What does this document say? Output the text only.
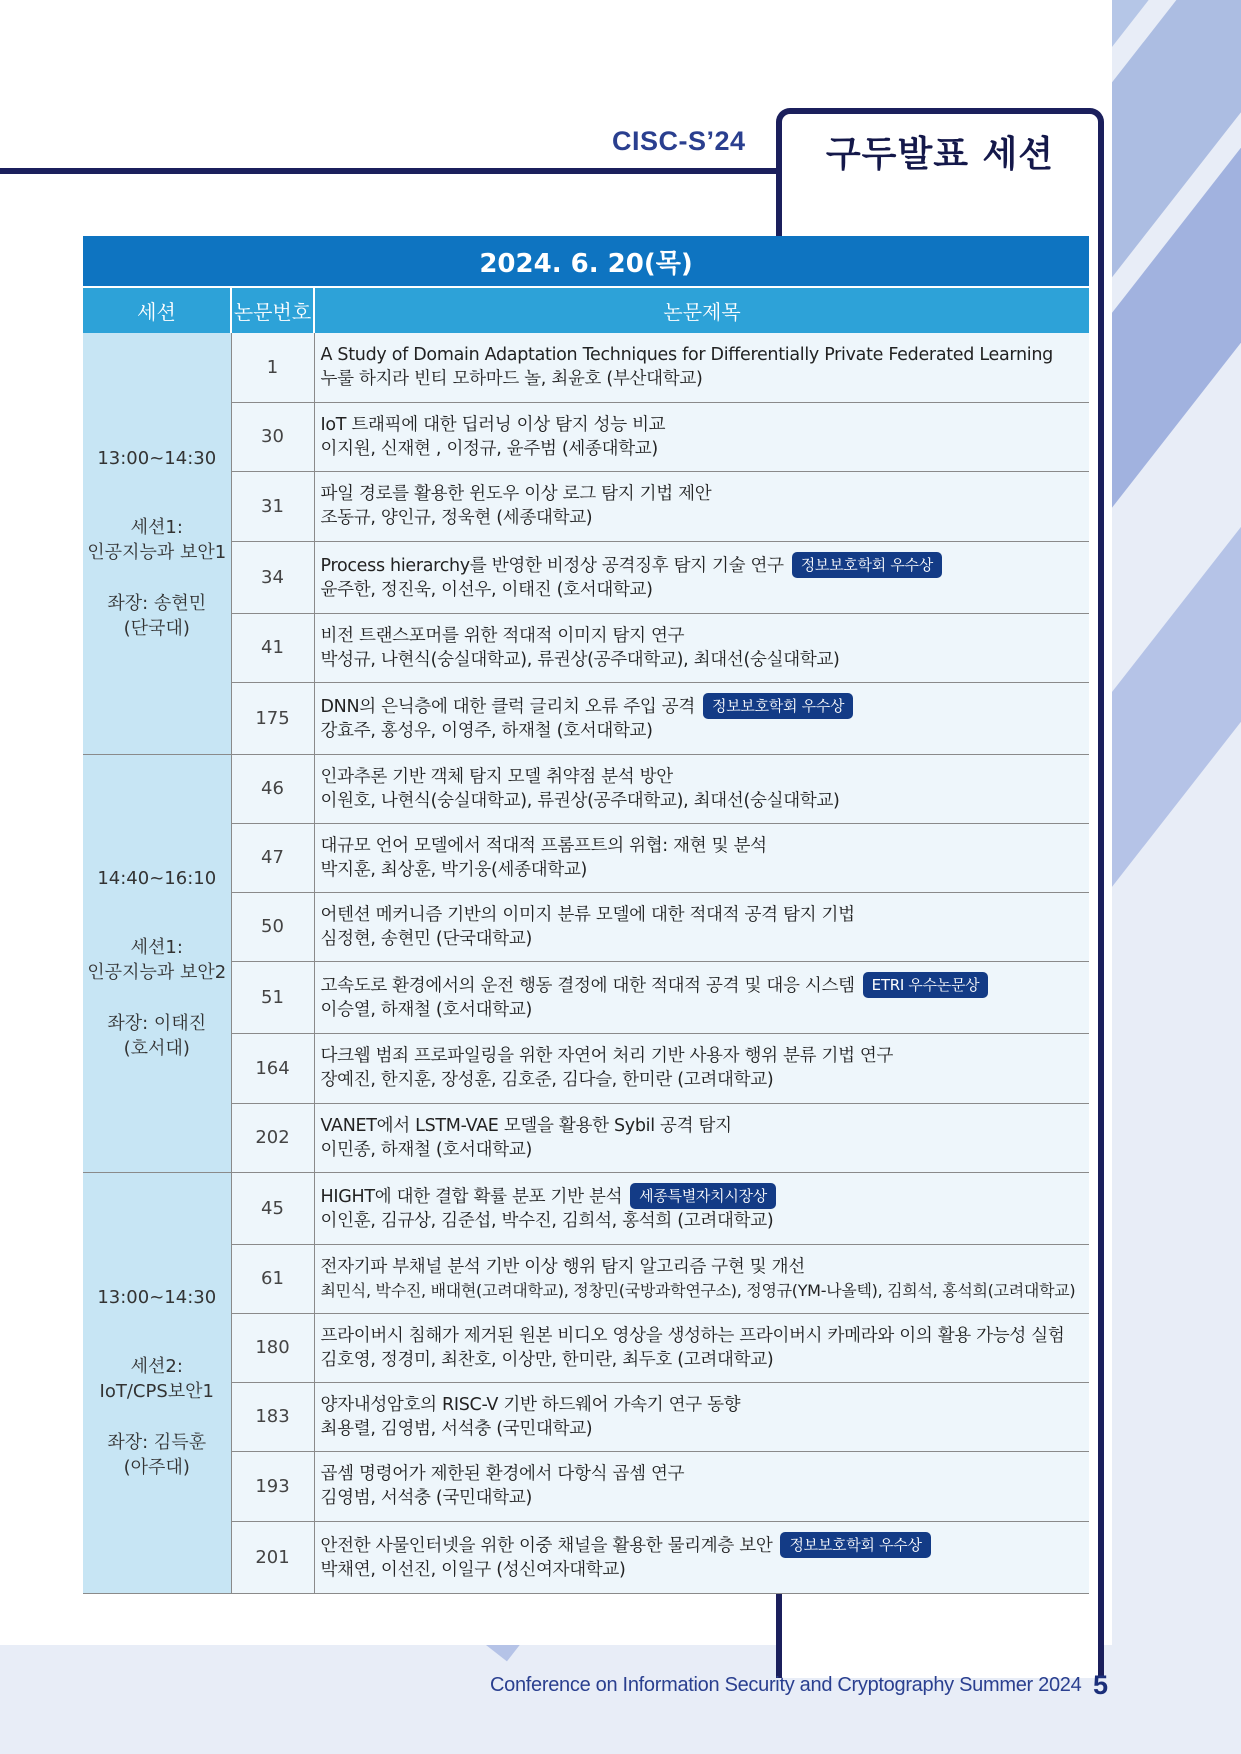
CISC-S’24	구두발표 세션
2024. 6. 20(목)		
세션	논문번호	논문제목

13:00~14:30
세션1:
인공지능과 보안1
좌장: 송현민
(단국대)	1	A Study of Domain Adaptation Techniques for Differentially Private Federated Learning
누룰 하지라 빈티 모하마드 놀, 최윤호 (부산대학교)

	30	IoT 트래픽에 대한 딥러닝 이상 탐지 성능 비교
이지원, 신재현 , 이정규, 윤주범 (세종대학교)

	31	파일 경로를 활용한 윈도우 이상 로그 탐지 기법 제안
조동규, 양인규, 정욱현 (세종대학교)

	34	Process hierarchy를 반영한 비정상 공격징후 탐지 기술 연구 정보보호학회 우수상
윤주한, 정진욱, 이선우, 이태진 (호서대학교)

	41	비전 트랜스포머를 위한 적대적 이미지 탐지 연구
박성규, 나현식(숭실대학교), 류권상(공주대학교), 최대선(숭실대학교)

	175	DNN의 은닉층에 대한 클럭 글리치 오류 주입 공격 정보보호학회 우수상
강효주, 홍성우, 이영주, 하재철 (호서대학교)

14:40~16:10
세션1:
인공지능과 보안2
좌장: 이태진
(호서대)	46	인과추론 기반 객체 탐지 모델 취약점 분석 방안
이원호, 나현식(숭실대학교), 류권상(공주대학교), 최대선(숭실대학교)

	47	대규모 언어 모델에서 적대적 프롬프트의 위협: 재현 및 분석
박지훈, 최상훈, 박기웅(세종대학교)

	50	어텐션 메커니즘 기반의 이미지 분류 모델에 대한 적대적 공격 탐지 기법
심정현, 송현민 (단국대학교)

	51	고속도로 환경에서의 운전 행동 결정에 대한 적대적 공격 및 대응 시스템 ETRI 우수논문상
이승열, 하재철 (호서대학교)

	164	다크웹 범죄 프로파일링을 위한 자연어 처리 기반 사용자 행위 분류 기법 연구
장예진, 한지훈, 장성훈, 김호준, 김다슬, 한미란 (고려대학교)

	202	VANET에서 LSTM-VAE 모델을 활용한 Sybil 공격 탐지
이민종, 하재철 (호서대학교)

13:00~14:30
세션2:
IoT/CPS보안1
좌장: 김득훈
(아주대)	45	HIGHT에 대한 결합 확률 분포 기반 분석 세종특별자치시장상
이인훈, 김규상, 김준섭, 박수진, 김희석, 홍석희 (고려대학교)

	61	전자기파 부채널 분석 기반 이상 행위 탐지 알고리즘 구현 및 개선
최민식, 박수진, 배대현(고려대학교), 정창민(국방과학연구소), 정영규(YM-나올텍), 김희석, 홍석희(고려대학교)

	180	프라이버시 침해가 제거된 원본 비디오 영상을 생성하는 프라이버시 카메라와 이의 활용 가능성 실험
김호영, 정경미, 최찬호, 이상만, 한미란, 최두호 (고려대학교)

	183	양자내성암호의 RISC-V 기반 하드웨어 가속기 연구 동향
최용렬, 김영범, 서석충 (국민대학교)

	193	곱셈 명령어가 제한된 환경에서 다항식 곱셈 연구
김영범, 서석충 (국민대학교)

	201	안전한 사물인터넷을 위한 이중 채널을 활용한 물리계층 보안 정보보호학회 우수상
박채연, 이선진, 이일구 (성신여자대학교)
Conference on Information Security and Cryptography Summer 2024 5
